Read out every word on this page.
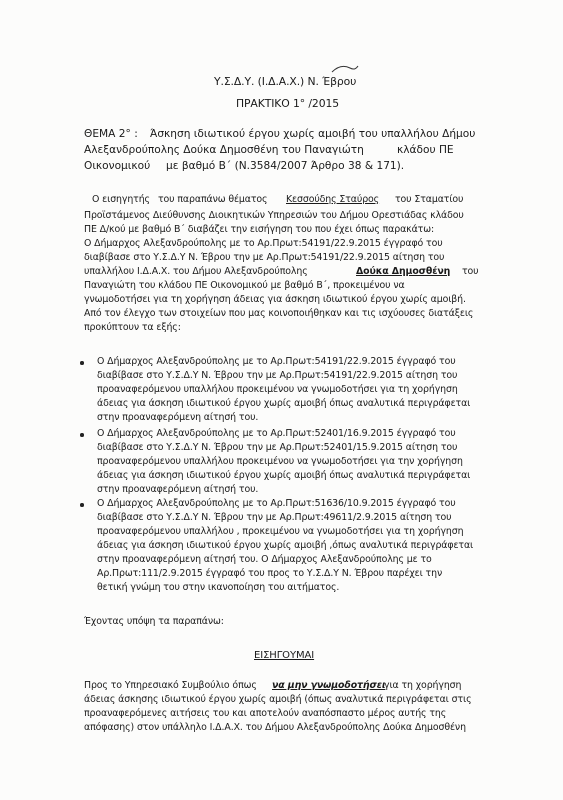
Υ.Σ.Δ.Υ. (Ι.Δ.Α.Χ.) Ν. Έβρου
ΠΡΑΚΤΙΚΟ 1° /2015
ΘΕΜΑ 2° : Άσκηση ιδιωτικού έργου χωρίς αμοιβή του υπαλλήλου Δήμου
Αλεξανδρούπολης Δούκα Δημοσθένη του Παναγιώτη	κλάδου ΠΕ
Οικονομικού με βαθμό Β΄ (Ν.3584/2007 Άρθρο 38 & 171).
Ο εισηγητής του παραπάνω θέματος Κεσσούδης Σταύρος του Σταματίου
Προϊστάμενος Διεύθυνσης Διοικητικών Υπηρεσιών του Δήμου Ορεστιάδας κλάδου
ΠΕ Δ/κού με βαθμό Β΄ διαβάζει την εισήγηση του που έχει όπως παρακάτω:
Ο Δήμαρχος Αλεξανδρούπολης με το Αρ.Πρωτ:54191/22.9.2015 έγγραφό του
διαβίβασε στο Υ.Σ.Δ.Υ Ν. Έβρου την με Αρ.Πρωτ:54191/22.9.2015 αίτηση του
υπαλλήλου Ι.Δ.Α.Χ. του Δήμου Αλεξανδρούπολης	Δούκα Δημοσθένη του
Παναγιώτη του κλάδου ΠΕ Οικονομικού με βαθμό Β΄, προκειμένου να
γνωμοδοτήσει για τη χορήγηση άδειας για άσκηση ιδιωτικού έργου χωρίς αμοιβή.
Από τον έλεγχο των στοιχείων που μας κοινοποιήθηκαν και τις ισχύουσες διατάξεις
προκύπτουν τα εξής:
Ο Δήμαρχος Αλεξανδρούπολης με το Αρ.Πρωτ:54191/22.9.2015 έγγραφό του
διαβίβασε στο Υ.Σ.Δ.Υ Ν. Έβρου την με Αρ.Πρωτ:54191/22.9.2015 αίτηση του
προαναφερόμενου υπαλλήλου προκειμένου να γνωμοδοτήσει για τη χορήγηση
άδειας για άσκηση ιδιωτικού έργου χωρίς αμοιβή όπως αναλυτικά περιγράφεται
στην προαναφερόμενη αίτησή του.
Ο Δήμαρχος Αλεξανδρούπολης με το Αρ.Πρωτ:52401/16.9.2015 έγγραφό του
διαβίβασε στο Υ.Σ.Δ.Υ Ν. Έβρου την με Αρ.Πρωτ:52401/15.9.2015 αίτηση του
προαναφερόμενου υπαλλήλου προκειμένου να γνωμοδοτήσει για την χορήγηση
άδειας για άσκηση ιδιωτικού έργου χωρίς αμοιβή όπως αναλυτικά περιγράφεται
στην προαναφερόμενη αίτησή του.
Ο Δήμαρχος Αλεξανδρούπολης με το Αρ.Πρωτ:51636/10.9.2015 έγγραφό του
διαβίβασε στο Υ.Σ.Δ.Υ Ν. Έβρου την με Αρ.Πρωτ:49611/2.9.2015 αίτηση του
προαναφερόμενου υπαλλήλου , προκειμένου να γνωμοδοτήσει για τη χορήγηση
άδειας για άσκηση ιδιωτικού έργου χωρίς αμοιβή ,όπως αναλυτικά περιγράφεται
στην προαναφερόμενη αίτησή του. Ο Δήμαρχος Αλεξανδρούπολης με το
Αρ.Πρωτ:111/2.9.2015 έγγραφό του προς το Υ.Σ.Δ.Υ Ν. Έβρου παρέχει την
θετική γνώμη του στην ικανοποίηση του αιτήματος.
Έχοντας υπόψη τα παραπάνω:
ΕΙΣΗΓΟΥΜΑΙ
Προς το Υπηρεσιακό Συμβούλιο όπως να μην γνωμοδοτήσει
για τη χορήγηση
άδειας άσκησης ιδιωτικού έργου χωρίς αμοιβή (όπως αναλυτικά περιγράφεται στις
προαναφερόμενες αιτήσεις του και αποτελούν αναπόσπαστο μέρος αυτής της
απόφασης) στον υπάλληλο Ι.Δ.Α.Χ. του Δήμου Αλεξανδρούπολης Δούκα Δημοσθένη
